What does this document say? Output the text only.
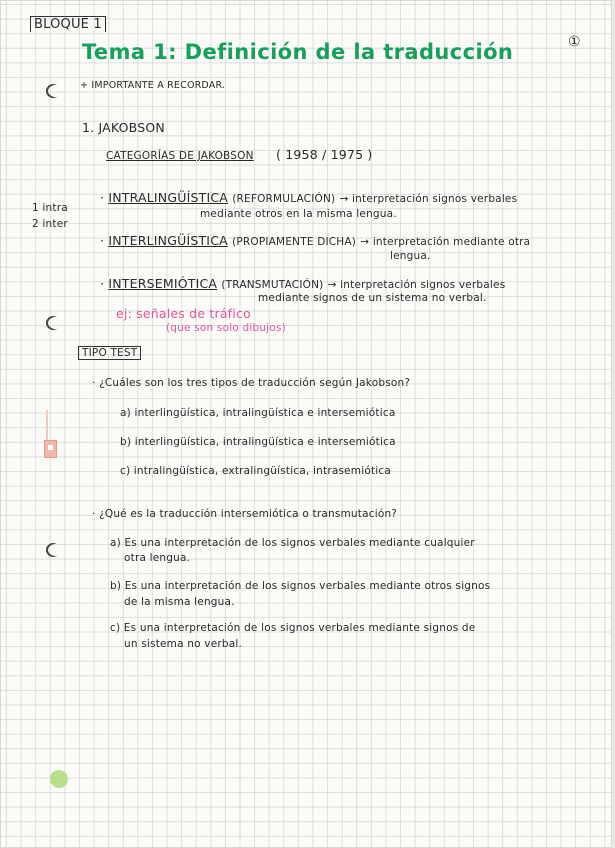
BLOQUE 1
①
Tema 1: Definición de la traducción
+ IMPORTANTE A RECORDAR.
1. JAKOBSON
CATEGORÍAS DE JAKOBSON ( 1958 / 1975 )
1 intra
2 inter
· INTRALINGÜÍSTICA (REFORMULACIÓN) → interpretación signos verbales
mediante otros en la misma lengua.
· INTERLINGÜÍSTICA (PROPIAMENTE DICHA) → interpretación mediante otra
lengua.
· INTERSEMIÓTICA (TRANSMUTACIÓN) → interpretación signos verbales
mediante signos de un sistema no verbal.
ej: señales de tráfico
(que son solo dibujos)
TIPO TEST
· ¿Cuáles son los tres tipos de traducción según Jakobson?
a) interlingüística, intralingüística e intersemiótica
b) interlingüística, intralingüística e intersemiótica
c) intralingüística, extralingüística, intrasemiótica
· ¿Qué es la traducción intersemiótica o transmutación?
a) Es una interpretación de los signos verbales mediante cualquier
otra lengua.
b) Es una interpretación de los signos verbales mediante otros signos
de la misma lengua.
c) Es una interpretación de los signos verbales mediante signos de
un sistema no verbal.
